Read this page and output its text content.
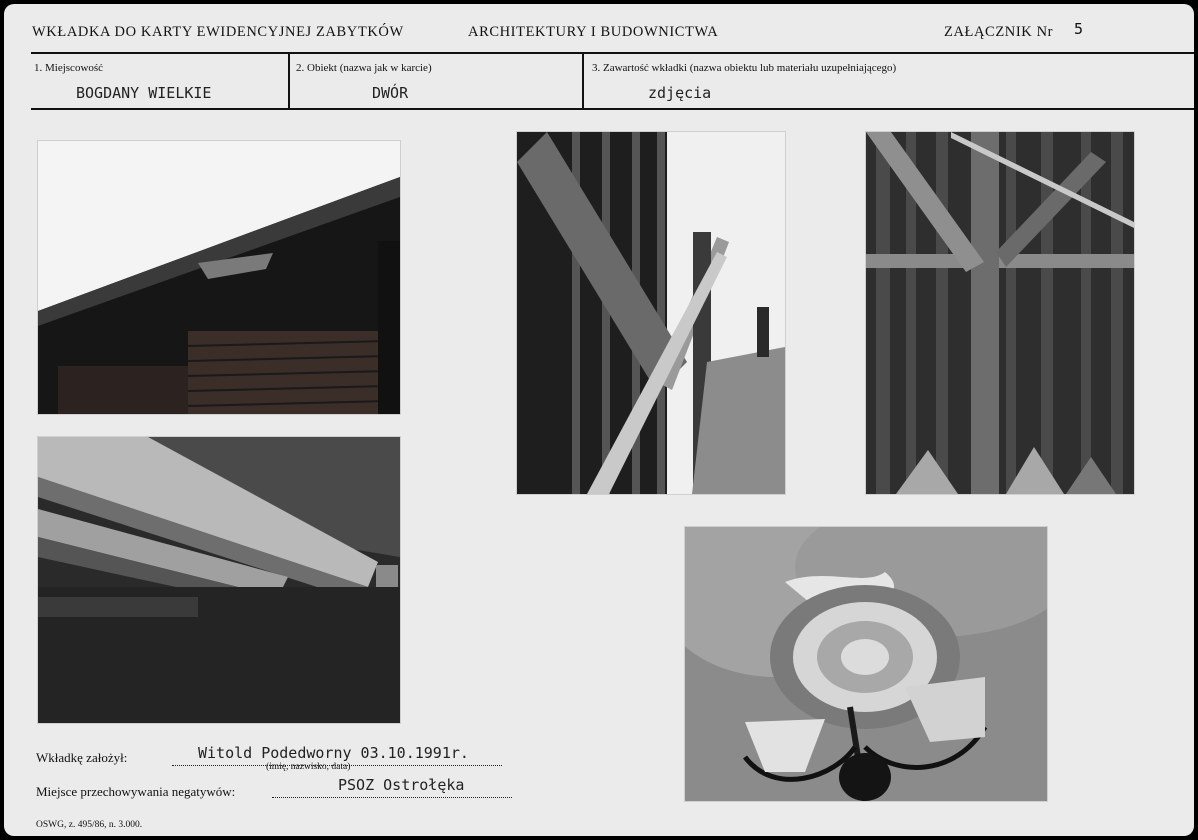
WKŁADKA DO KARTY EWIDENCYJNEJ ZABYTKÓW	ARCHITEKTURY I BUDOWNICTWA	ZAŁĄCZNIK Nr 5
1. Miejscowość
BOGDANY WIELKIE
2. Obiekt (nazwa jak w karcie)
DWÓR
3. Zawartość wkładki (nazwa obiektu lub materiału uzupełniającego)
zdjęcia
Wkładkę założył:	Witold Podedworny 03.10.1991r.
(imię, nazwisko, data)
Miejsce przechowywania negatywów:	PSOZ Ostrołęka
OSWG, z. 495/86, n. 3.000.
